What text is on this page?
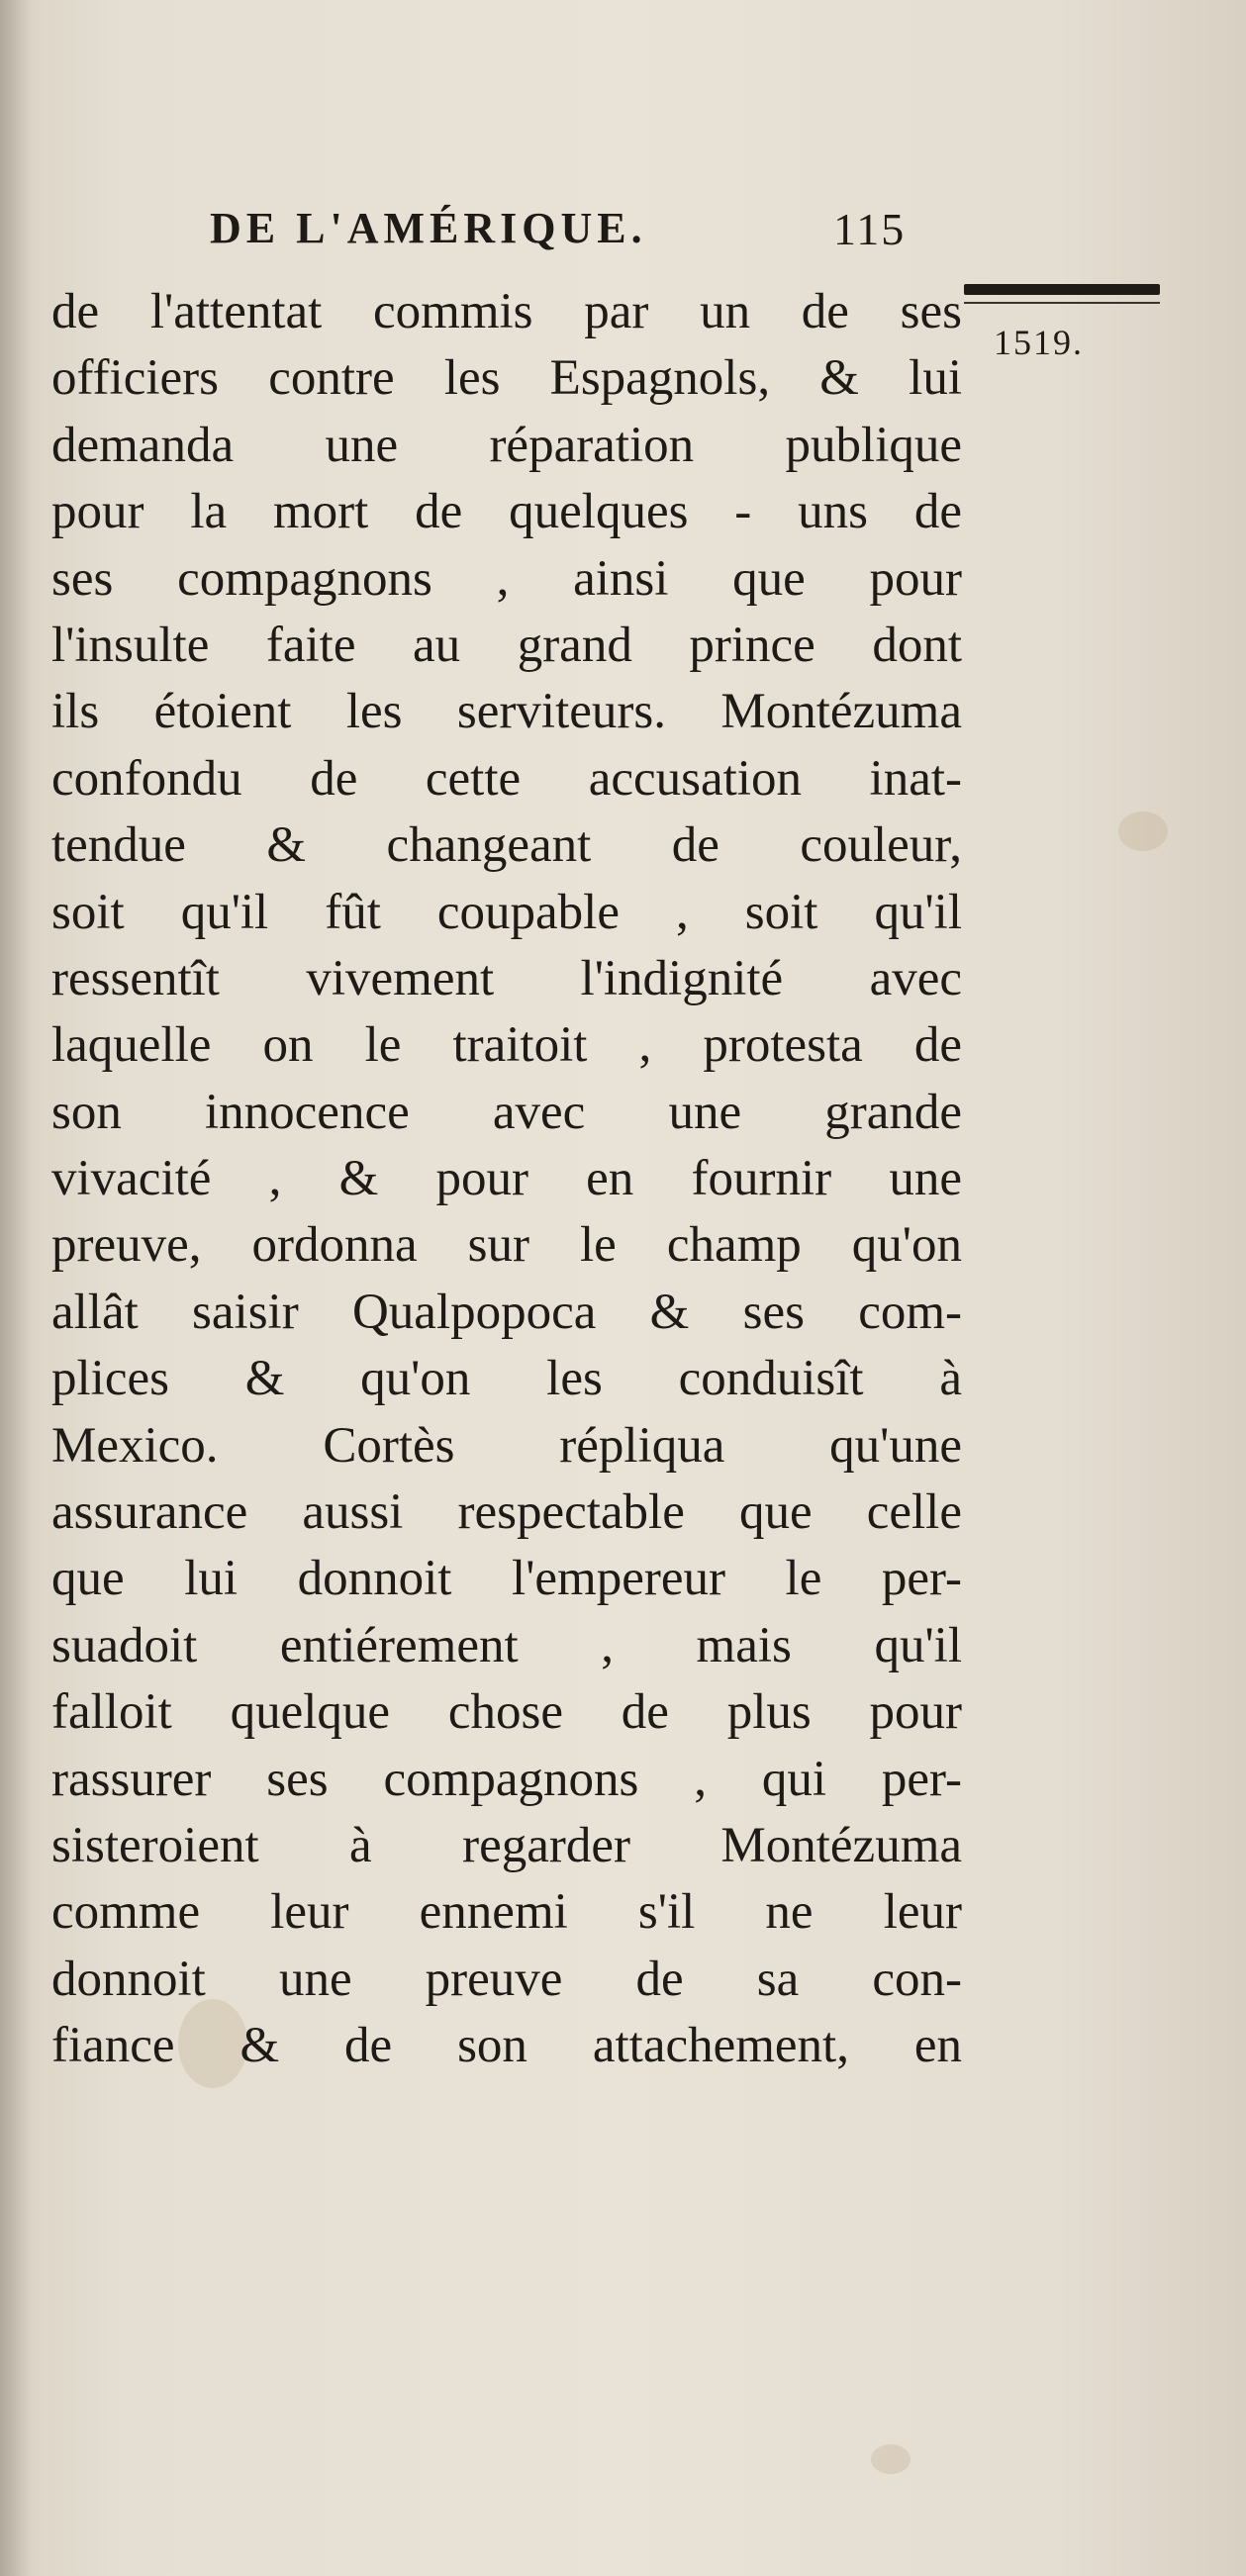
DE L'AMÉRIQUE.	115
1519.
de l'attentat commis par un de ses
officiers contre les Espagnols, & lui
demanda une réparation publique
pour la mort de quelques - uns de
ses compagnons , ainsi que pour
l'insulte faite au grand prince dont
ils étoient les serviteurs. Montézuma
confondu de cette accusation inat-
tendue & changeant de couleur,
soit qu'il fût coupable , soit qu'il
ressentît vivement l'indignité avec
laquelle on le traitoit , protesta de
son innocence avec une grande
vivacité , & pour en fournir une
preuve, ordonna sur le champ qu'on
allât saisir Qualpopoca & ses com-
plices & qu'on les conduisît à
Mexico. Cortès répliqua qu'une
assurance aussi respectable que celle
que lui donnoit l'empereur le per-
suadoit entiérement , mais qu'il
falloit quelque chose de plus pour
rassurer ses compagnons , qui per-
sisteroient à regarder Montézuma
comme leur ennemi s'il ne leur
donnoit une preuve de sa con-
fiance & de son attachement, en
